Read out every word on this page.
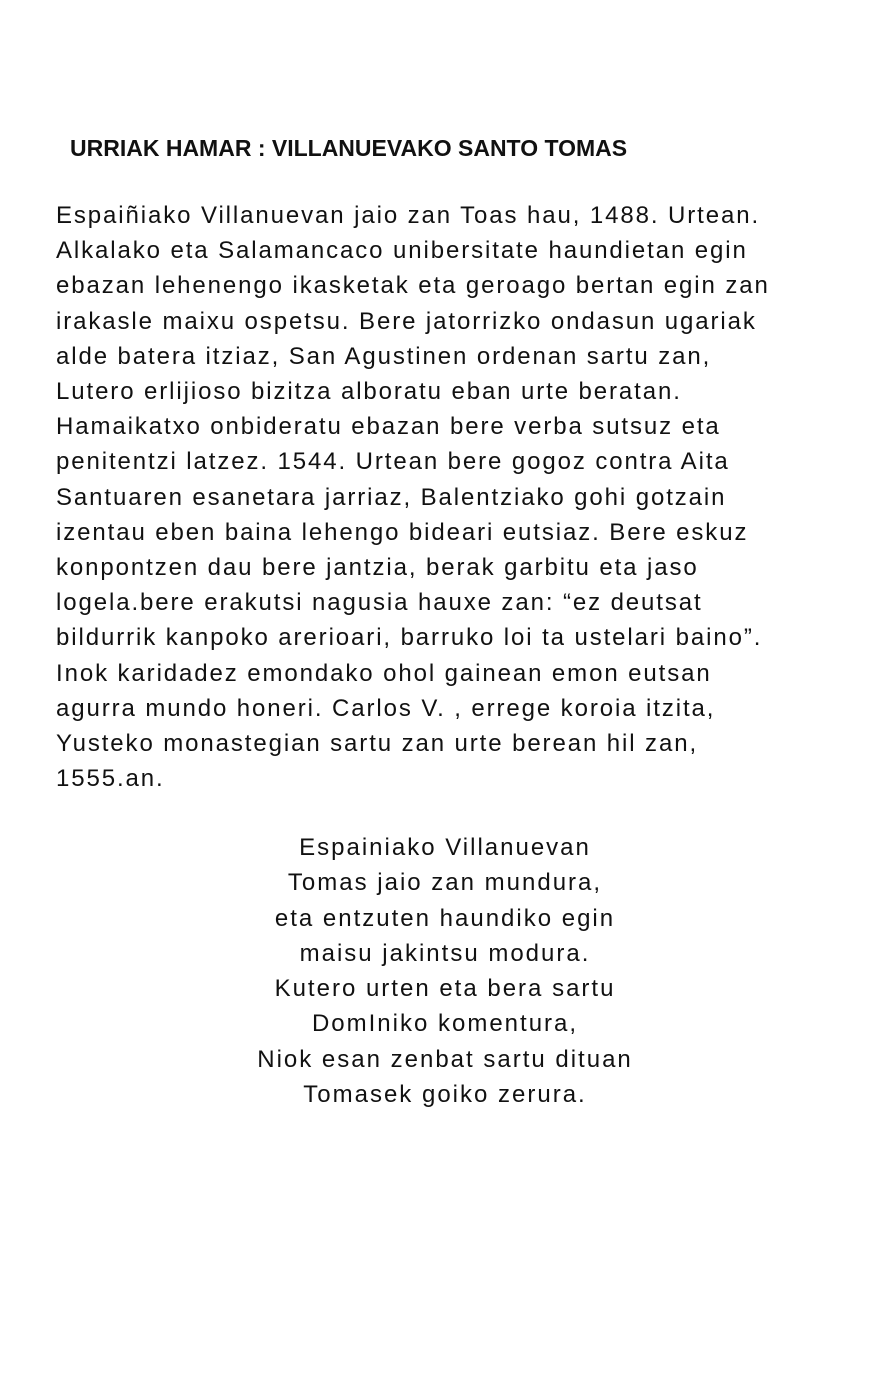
URRIAK HAMAR : VILLANUEVAKO SANTO TOMAS
Espaiñiako Villanuevan jaio zan Toas hau, 1488. Urtean.
Alkalako eta Salamancaco unibersitate haundietan egin
ebazan lehenengo ikasketak eta geroago bertan egin zan
irakasle maixu ospetsu. Bere jatorrizko ondasun ugariak
alde batera itziaz, San Agustinen ordenan sartu zan,
Lutero erlijioso bizitza alboratu eban urte beratan.
Hamaikatxo onbideratu ebazan bere verba sutsuz eta
penitentzi latzez. 1544. Urtean bere gogoz contra Aita
Santuaren esanetara jarriaz, Balentziako gohi gotzain
izentau eben baina lehengo bideari eutsiaz. Bere eskuz
konpontzen dau bere jantzia, berak garbitu eta jaso
logela.bere erakutsi nagusia hauxe zan: “ez deutsat
bildurrik kanpoko arerioari, barruko loi ta ustelari baino”.
Inok karidadez emondako ohol gainean emon eutsan
agurra mundo honeri. Carlos V. , errege koroia itzita,
Yusteko monastegian sartu zan urte berean hil zan,
1555.an.
Espainiako Villanuevan
Tomas jaio zan mundura,
eta entzuten haundiko egin
maisu jakintsu modura.
Kutero urten eta bera sartu
DomIniko komentura,
Niok esan zenbat sartu dituan
Tomasek goiko zerura.
